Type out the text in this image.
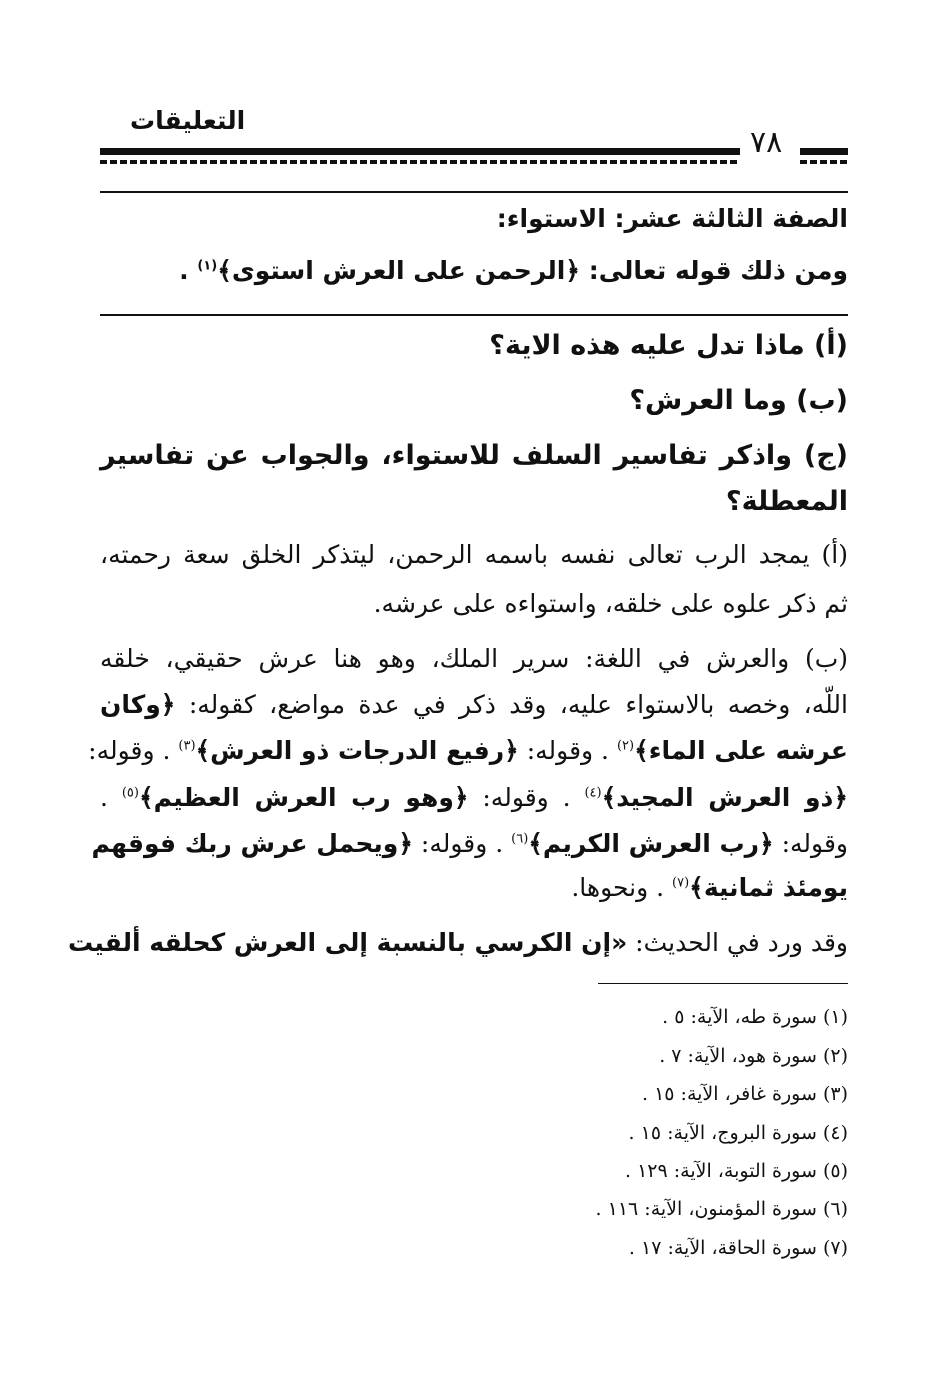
التعليقات
٧٨
الصفة الثالثة عشر: الاستواء:
ومن ذلك قوله تعالى: ﴿الرحمن على العرش استوى﴾$^{(١)}$ .
(أ) ماذا تدل عليه هذه الاية؟
(ب) وما العرش؟
(ج) واذكر تفاسير السلف للاستواء، والجواب عن تفاسير
المعطلة؟
(أ) يمجد الرب تعالى نفسه باسمه الرحمن، ليتذكر الخلق سعة رحمته،
ثم ذكر علوه على خلقه، واستواءه على عرشه.
(ب) والعرش في اللغة: سرير الملك، وهو هنا عرش حقيقي، خلقه
اللّه، وخصه بالاستواء عليه، وقد ذكر في عدة مواضع، كقوله: ﴿وكان
عرشه على الماء﴾$^{(٢)}$ . وقوله: ﴿رفيع الدرجات ذو العرش﴾$^{(٣)}$ . وقوله:
﴿ذو العرش المجيد﴾$^{(٤)}$ . وقوله: ﴿وهو رب العرش العظيم﴾$^{(٥)}$ .
وقوله: ﴿رب العرش الكريم﴾$^{(٦)}$ . وقوله: ﴿ويحمل عرش ربك فوقهم
يومئذ ثمانية﴾$^{(٧)}$ . ونحوها.
وقد ورد في الحديث: «إن الكرسي بالنسبة إلى العرش كحلقه ألقيت
(١) سورة طه، الآية: ٥ .
(٢) سورة هود، الآية: ٧ .
(٣) سورة غافر، الآية: ١٥ .
(٤) سورة البروج، الآية: ١٥ .
(٥) سورة التوبة، الآية: ١٢٩ .
(٦) سورة المؤمنون، الآية: ١١٦ .
(٧) سورة الحاقة، الآية: ١٧ .
